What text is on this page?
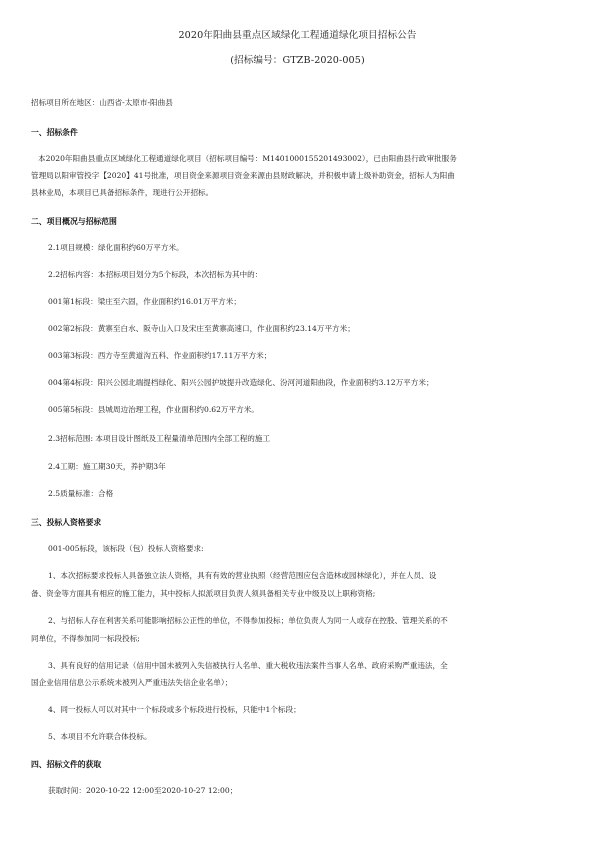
2020年阳曲县重点区域绿化工程通道绿化项目招标公告
(招标编号：GTZB-2020-005)
招标项目所在地区：山西省-太原市-阳曲县
一、招标条件
本2020年阳曲县重点区域绿化工程通道绿化项目（招标项目编号：M1401000155201493002），已由阳曲县行政审批服务
管理局以阳审管投字【2020】41号批准，项目资金来源项目资金来源由县财政解决，并积极申请上级补助资金，招标人为阳曲
县林业局，本项目已具备招标条件，现进行公开招标。
二、项目概况与招标范围
2.1项目规模：绿化面积约60万平方米。
2.2招标内容：本招标项目划分为5个标段，本次招标为其中的：
001第1标段：梁庄至六固，作业面积约16.01万平方米；
002第2标段：黄寨至白水、阪寺山入口及宋庄至黄寨高速口，作业面积约23.14万平方米；
003第3标段：西方寺至黄道沟五科、作业面积约17.11万平方米；
004第4标段：阳兴公园北端提档绿化、阳兴公园护坡提升改造绿化、汾河河道阳曲段，作业面积约3.12万平方米；
005第5标段：县城周边治理工程，作业面积约0.62万平方米。
2.3招标范围: 本项目设计图纸及工程量清单范围内全部工程的施工
2.4工期：施工期30天，养护期3年
2.5质量标准：合格
三、投标人资格要求
001-005标段，该标段（包）投标人资格要求:
1、本次招标要求投标人具备独立法人资格，具有有效的营业执照（经营范围应包含造林或园林绿化），并在人员、设
备、资金等方面具有相应的施工能力，其中投标人拟派项目负责人须具备相关专业中级及以上职称资格;
2、与招标人存在利害关系可能影响招标公正性的单位，不得参加投标；单位负责人为同一人或存在控股、管理关系的不
同单位，不得参加同一标段投标;
3、具有良好的信用记录（信用中国未被列入失信被执行人名单、重大税收违法案件当事人名单、政府采购严重违法，全
国企业信用信息公示系统未被列入严重违法失信企业名单）；
4、同一投标人可以对其中一个标段或多个标段进行投标，只能中1个标段；
5、本项目不允许联合体投标。
四、招标文件的获取
获取时间：2020-10-22 12:00至2020-10-27 12:00；
